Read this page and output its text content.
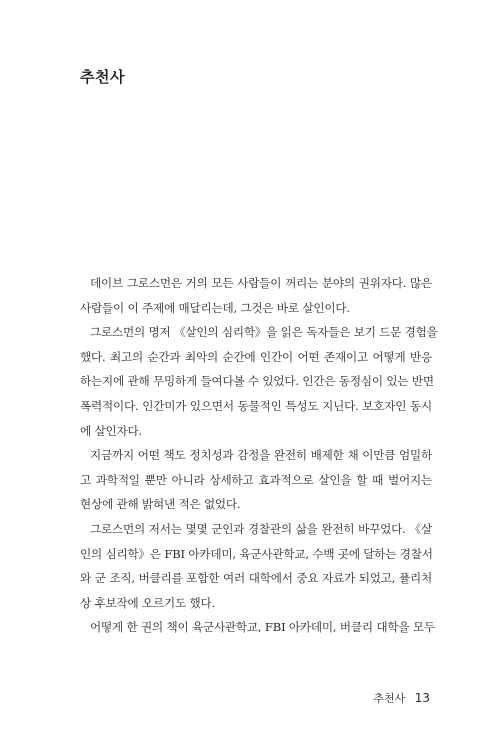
추천사
데이브 그로스먼은 거의 모든 사람들이 꺼리는 분야의 권위자다. 많은
사람들이 이 주제에 매달리는데, 그것은 바로 살인이다.
그로스먼의 명저 《살인의 심리학》을 읽은 독자들은 보기 드문 경험을
했다. 최고의 순간과 최악의 순간에 인간이 어떤 존재이고 어떻게 반응
하는지에 관해 무밍하게 들여다볼 수 있었다. 인간은 동정심이 있는 반면
폭력적이다. 인간미가 있으면서 동물적인 특성도 지닌다. 보호자인 동시
에 살인자다.
지금까지 어떤 책도 정치성과 감정을 완전히 배제한 채 이만큼 엄밀하
고 과학적일 뿐만 아니라 상세하고 효과적으로 살인을 할 때 벌어지는
현상에 관해 밝혀낸 적은 없었다.
그로스먼의 저서는 몇몇 군인과 경찰관의 삶을 완전히 바꾸었다. 《살
인의 심리학》은 FBI 아카데미, 육군사관학교, 수백 곳에 달하는 경찰서
와 군 조직, 버클리를 포함한 여러 대학에서 중요 자료가 되었고, 퓰리처
상 후보작에 오르기도 했다.
어떻게 한 권의 책이 육군사관학교, FBI 아카데미, 버클리 대학을 모두
추천사 13
